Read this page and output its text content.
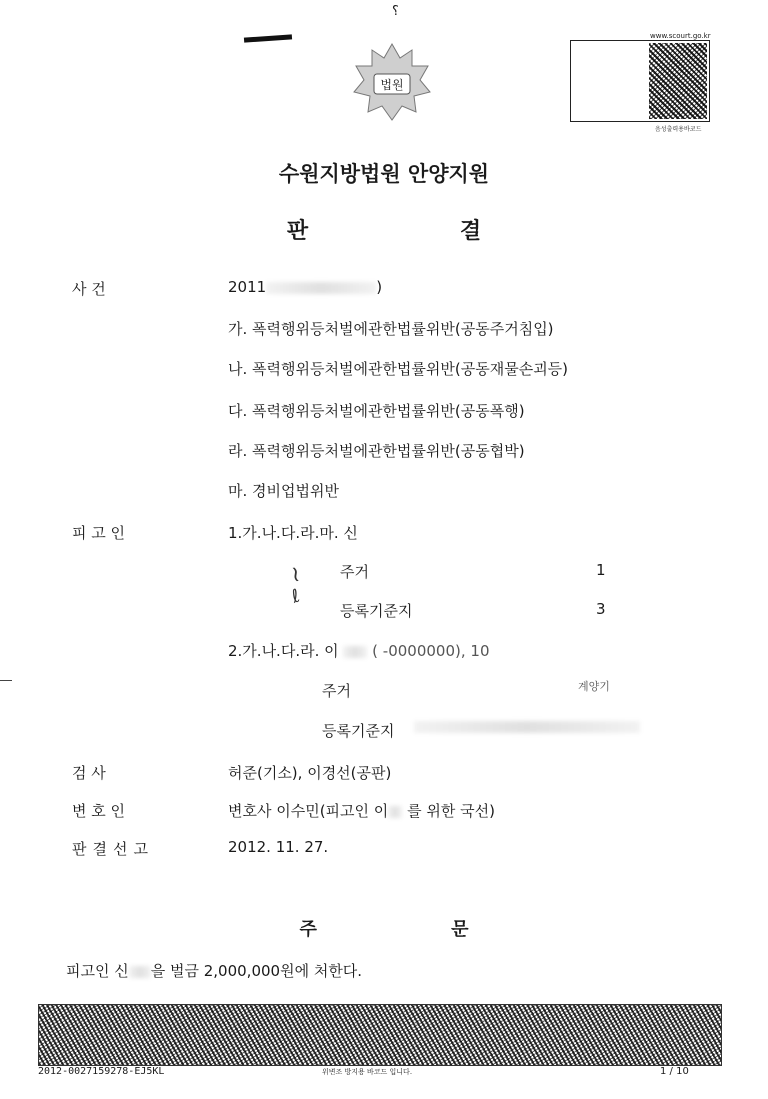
⸮
법원
www.scourt.go.kr
음성출력용바코드
수원지방법원 안양지원
판 결
사 건	2011	)
가. 폭력행위등처벌에관한법률위반(공동주거침입)
나. 폭력행위등처벌에관한법률위반(공동재물손괴등)
다. 폭력행위등처벌에관한법률위반(공동폭행)
라. 폭력행위등처벌에관한법률위반(공동협박)
마. 경비업법위반
피 고 인	1.가.나.다.라.마. 신
주거	1
~
ℓ
등록기준지	3
2.가.나.다.라. 이 ( -0000000), 10
주거	계양기
등록기준지
검 사	허준(기소), 이경선(공판)
변 호 인	변호사 이수민(피고인 이 를 위한 국선)
판결선고	2012. 11. 27.
주 문
피고인 신 을 벌금 2,000,000원에 처한다.
2012-0027159278-EJ5KL	위변조 방지용 바코드 입니다.	1 / 10
